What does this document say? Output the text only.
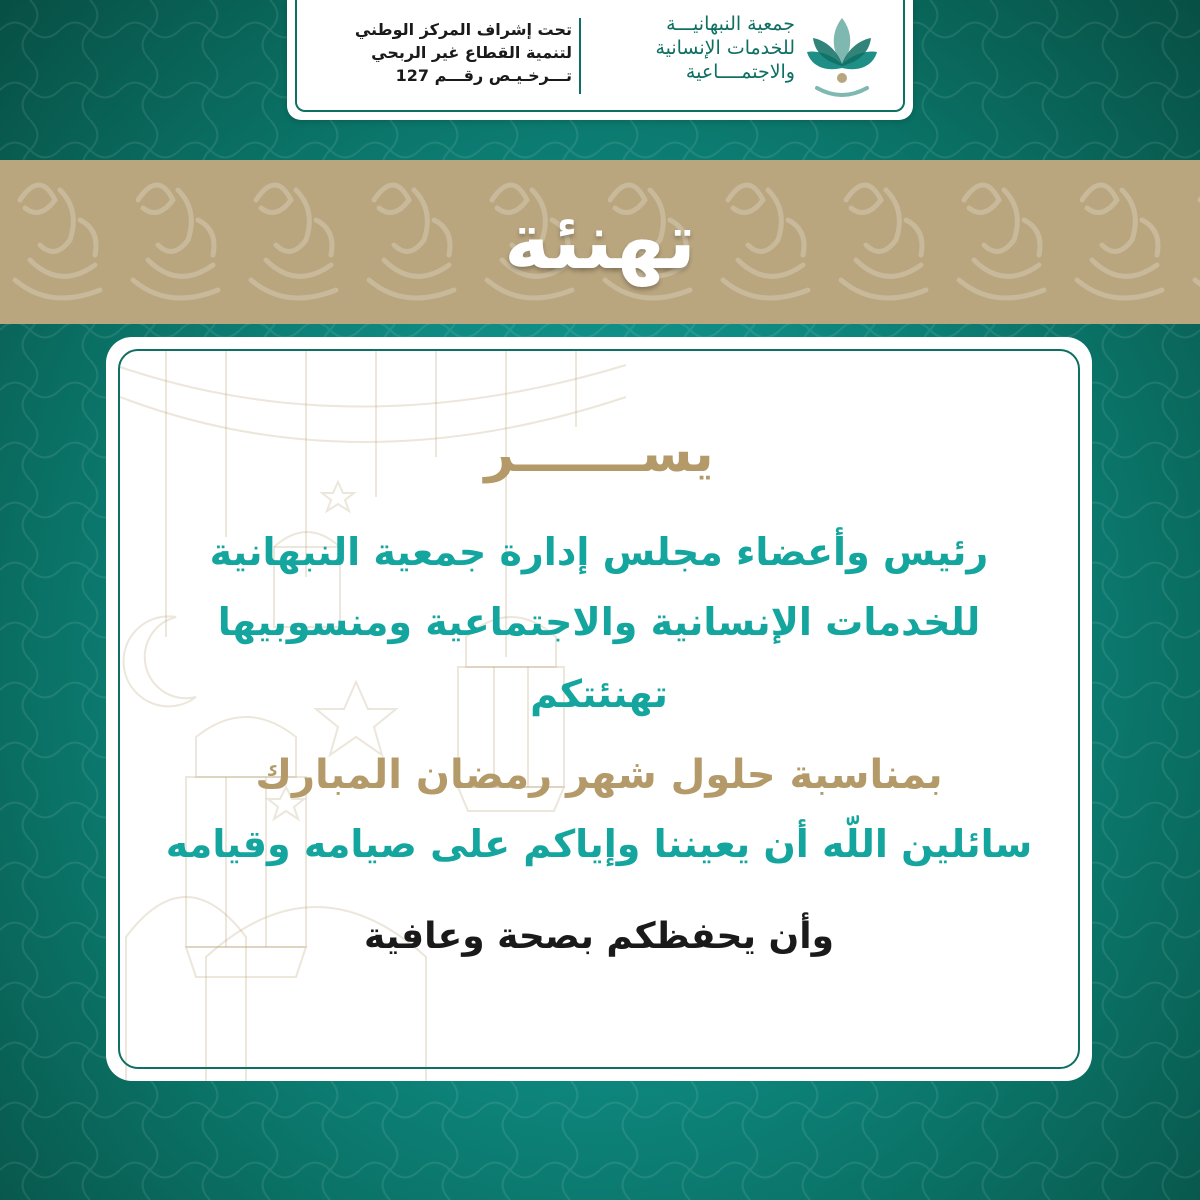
جمعية النبهانيـــة
للخدمات الإنسانية
والاجتمــــاعية
تحت إشراف المركز الوطني
لتنمية القطاع غير الربحي
تـــرخـيـص رقـــم 127
تهنئة
يســـــــر
رئيس وأعضاء مجلس إدارة جمعية النبهانية
للخدمات الإنسانية والاجتماعية ومنسوبيها
تهنئتكم
بمناسبة حلول شهر رمضان المبارك
سائلين اللّه أن يعيننا وإياكم على صيامه وقيامه
وأن يحفظكم بصحة وعافية
